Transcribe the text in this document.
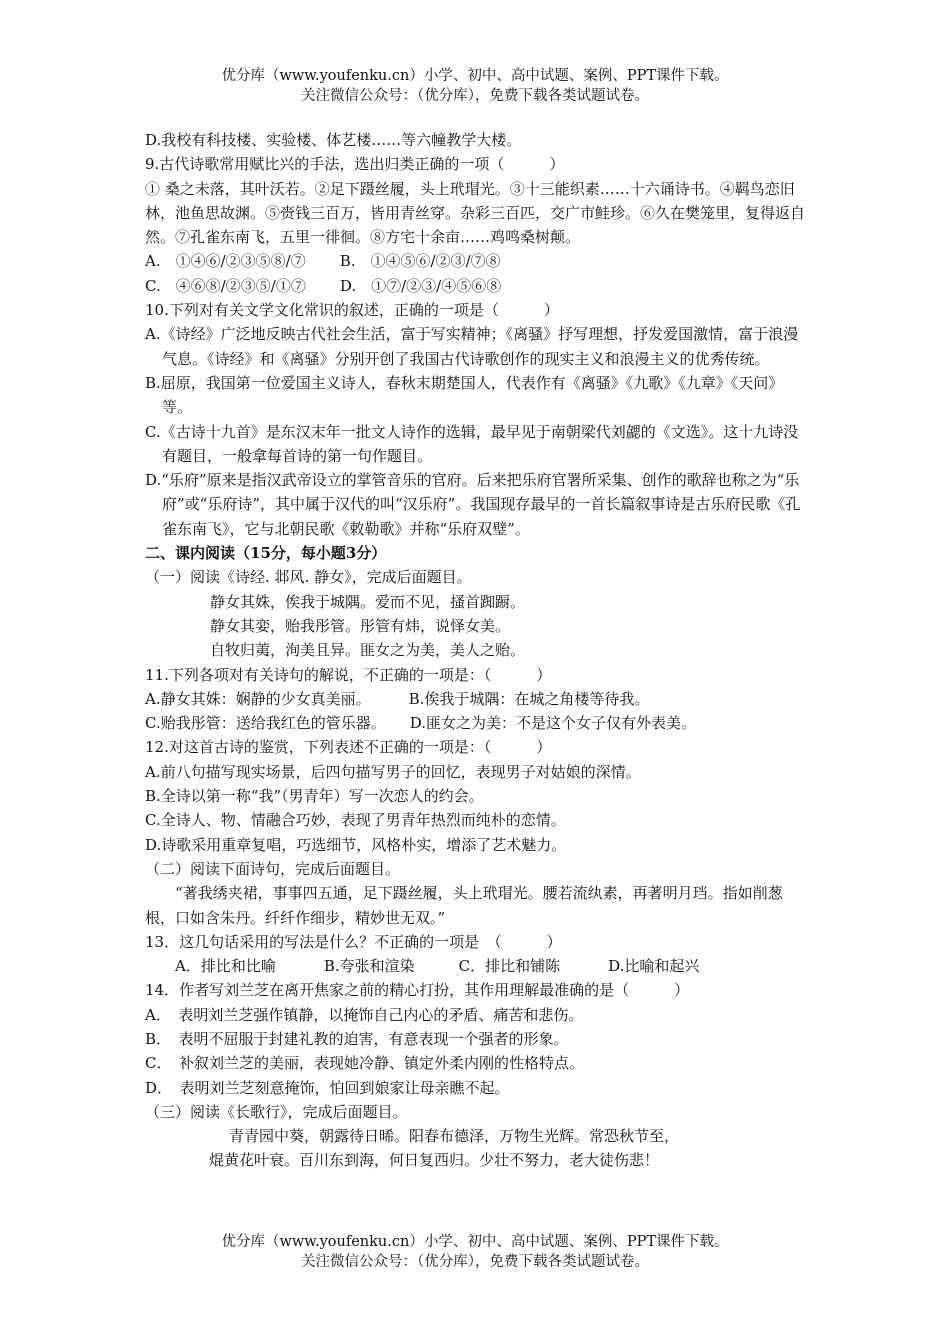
优分库（www.youfenku.cn）小学、初中、高中试题、案例、PPT课件下载。
关注微信公众号：（优分库），免费下载各类试题试卷。
D.我校有科技楼、实验楼、体艺楼……等六幢教学大楼。
9.古代诗歌常用赋比兴的手法，选出归类正确的一项（　　　）
① 桑之未落，其叶沃若。②足下蹑丝履，头上玳瑁光。③十三能织素……十六诵诗书。④羁鸟恋旧林，池鱼思故渊。⑤赍钱三百万，皆用青丝穿。杂彩三百匹，交广市鲑珍。⑥久在樊笼里，复得返自然。⑦孔雀东南飞，五里一徘徊。⑧方宅十余亩……鸡鸣桑树颠。
A.　①④⑥/②③⑤⑧/⑦ B.　①④⑤⑥/②③/⑦⑧
C.　④⑥⑧/②③⑤/①⑦ D.　①⑦/②③/④⑤⑥⑧
10.下列对有关文学文化常识的叙述，正确的一项是（　　　）
A.《诗经》广泛地反映古代社会生活，富于写实精神；《离骚》抒写理想，抒发爱国激情，富于浪漫气息。《诗经》和《离骚》分别开创了我国古代诗歌创作的现实主义和浪漫主义的优秀传统。
B.屈原，我国第一位爱国主义诗人，春秋末期楚国人，代表作有《离骚》《九歌》《九章》《天问》等。
C.《古诗十九首》是东汉末年一批文人诗作的选辑，最早见于南朝梁代刘勰的《文选》。这十九诗没有题目，一般拿每首诗的第一句作题目。
D.“乐府”原来是指汉武帝设立的掌管音乐的官府。后来把乐府官署所采集、创作的歌辞也称之为“乐府”或“乐府诗”，其中属于汉代的叫“汉乐府”。我国现存最早的一首长篇叙事诗是古乐府民歌《孔雀东南飞》，它与北朝民歌《敕勒歌》并称“乐府双璧”。
二、课内阅读（15分，每小题3分）
（一）阅读《诗经. 邶风. 静女》，完成后面题目。
静女其姝，俟我于城隅。爱而不见，搔首踟蹰。
静女其娈，贻我彤管。彤管有炜，说怿女美。
自牧归荑，洵美且异。匪女之为美，美人之贻。
11.下列各项对有关诗句的解说，不正确的一项是：（　　　）
A.静女其姝：娴静的少女真美丽。	B.俟我于城隅：在城之角楼等待我。
C.贻我彤管：送给我红色的管乐器。 D.匪女之为美：不是这个女子仅有外表美。
12.对这首古诗的鉴赏，下列表述不正确的一项是：（　　　）
A.前八句描写现实场景，后四句描写男子的回忆，表现男子对姑娘的深情。
B.全诗以第一称“我”（男青年）写一次恋人的约会。
C.全诗人、物、情融合巧妙，表现了男青年热烈而纯朴的恋情。
D.诗歌采用重章复唱，巧选细节，风格朴实，增添了艺术魅力。
（二）阅读下面诗句，完成后面题目。
“著我绣夹裙，事事四五通，足下蹑丝履，头上玳瑁光。腰若流纨素，再著明月珰。指如削葱根，口如含朱丹。纤纤作细步，精妙世无双。”
13．这几句话采用的写法是什么？不正确的一项是　（　　　）
A．排比和比喻	B.夸张和渲染	C．排比和铺陈	D.比喻和起兴
14．作者写刘兰芝在离开焦家之前的精心打扮，其作用理解最准确的是（　　　）
A．　表明刘兰芝强作镇静，以掩饰自己内心的矛盾、痛苦和悲伤。
B．　表明不屈服于封建礼教的迫害，有意表现一个强者的形象。
C．　补叙刘兰芝的美丽，表现她冷静、镇定外柔内刚的性格特点。
D．　表明刘兰芝刻意掩饰，怕回到娘家让母亲瞧不起。
（三）阅读《长歌行》，完成后面题目。
青青园中葵，朝露待日晞。阳春布德泽，万物生光辉。常恐秋节至，
焜黄花叶衰。百川东到海，何日复西归。少壮不努力，老大徒伤悲！
优分库（www.youfenku.cn）小学、初中、高中试题、案例、PPT课件下载。
关注微信公众号：（优分库），免费下载各类试题试卷。
